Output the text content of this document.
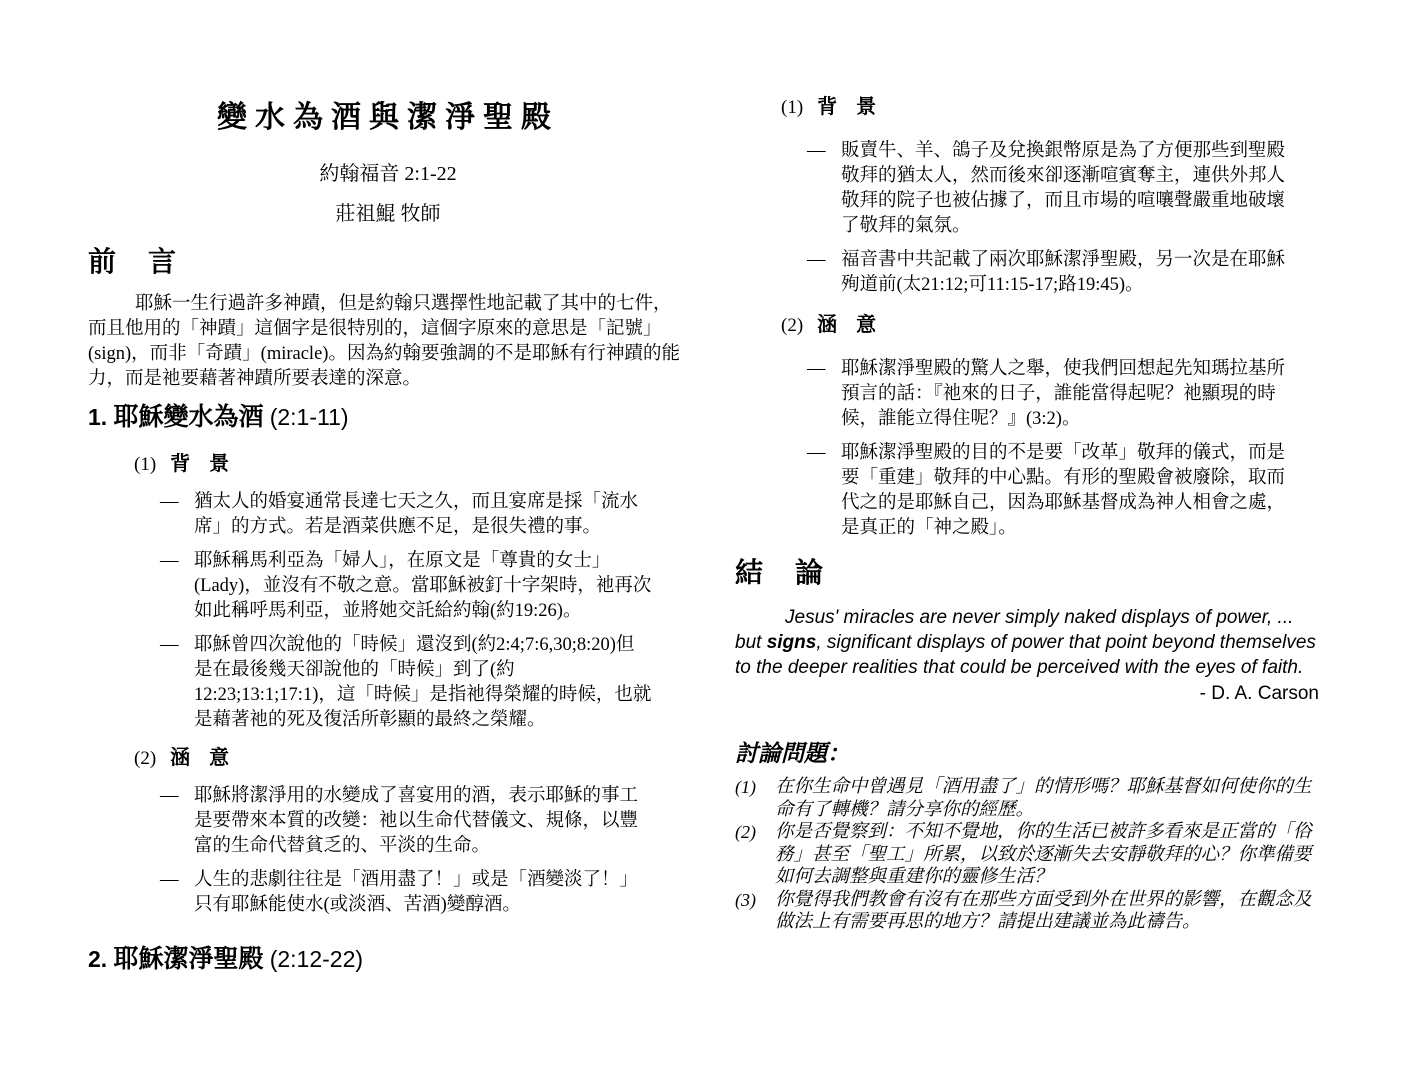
變水為酒與潔淨聖殿
約翰福音 2:1-22
莊祖鯤 牧師
前　言
耶穌一生行過許多神蹟，但是約翰只選擇性地記載了其中的七件，而且他用的「神蹟」這個字是很特別的，這個字原來的意思是「記號」(sign)，而非「奇蹟」(miracle)。因為約翰要強調的不是耶穌有行神蹟的能力，而是祂要藉著神蹟所要表達的深意。
1. 耶穌變水為酒 (2:1-11)
(1) 背 景
— 猶太人的婚宴通常長達七天之久，而且宴席是採「流水席」的方式。若是酒菜供應不足，是很失禮的事。
— 耶穌稱馬利亞為「婦人」，在原文是「尊貴的女士」(Lady)，並沒有不敬之意。當耶穌被釘十字架時，祂再次如此稱呼馬利亞，並將她交託給約翰(約19:26)。
— 耶穌曾四次說他的「時候」還沒到(約2:4;7:6,30;8:20)但是在最後幾天卻說他的「時候」到了(約12:23;13:1;17:1)，這「時候」是指祂得榮耀的時候，也就是藉著祂的死及復活所彰顯的最終之榮耀。
(2) 涵 意
— 耶穌將潔淨用的水變成了喜宴用的酒，表示耶穌的事工是要帶來本質的改變：祂以生命代替儀文、規條，以豐富的生命代替貧乏的、平淡的生命。
— 人生的悲劇往往是「酒用盡了！」或是「酒變淡了！」只有耶穌能使水(或淡酒、苦酒)變醇酒。
2. 耶穌潔淨聖殿 (2:12-22)
(1) 背 景
— 販賣牛、羊、鴿子及兌換銀幣原是為了方便那些到聖殿敬拜的猶太人，然而後來卻逐漸喧賓奪主，連供外邦人敬拜的院子也被佔據了，而且市場的喧嚷聲嚴重地破壞了敬拜的氣氛。
— 福音書中共記載了兩次耶穌潔淨聖殿，另一次是在耶穌殉道前(太21:12;可11:15-17;路19:45)。
(2) 涵 意
— 耶穌潔淨聖殿的驚人之舉，使我們回想起先知瑪拉基所預言的話：『祂來的日子，誰能當得起呢？祂顯現的時候，誰能立得住呢？』(3:2)。
— 耶穌潔淨聖殿的目的不是要「改革」敬拜的儀式，而是要「重建」敬拜的中心點。有形的聖殿會被廢除，取而代之的是耶穌自己，因為耶穌基督成為神人相會之處，是真正的「神之殿」。
結　論
Jesus' miracles are never simply naked displays of power, ... but signs, significant displays of power that point beyond themselves to the deeper realities that could be perceived with the eyes of faith.
- D. A. Carson
討論問題：
(1)	在你生命中曾遇見「酒用盡了」的情形嗎？耶穌基督如何使你的生命有了轉機？請分享你的經歷。
(2)	你是否覺察到：不知不覺地，你的生活已被許多看來是正當的「俗務」甚至「聖工」所累，以致於逐漸失去安靜敬拜的心？你準備要如何去調整與重建你的靈修生活？
(3)	你覺得我們教會有沒有在那些方面受到外在世界的影響，在觀念及做法上有需要再思的地方？請提出建議並為此禱告。
